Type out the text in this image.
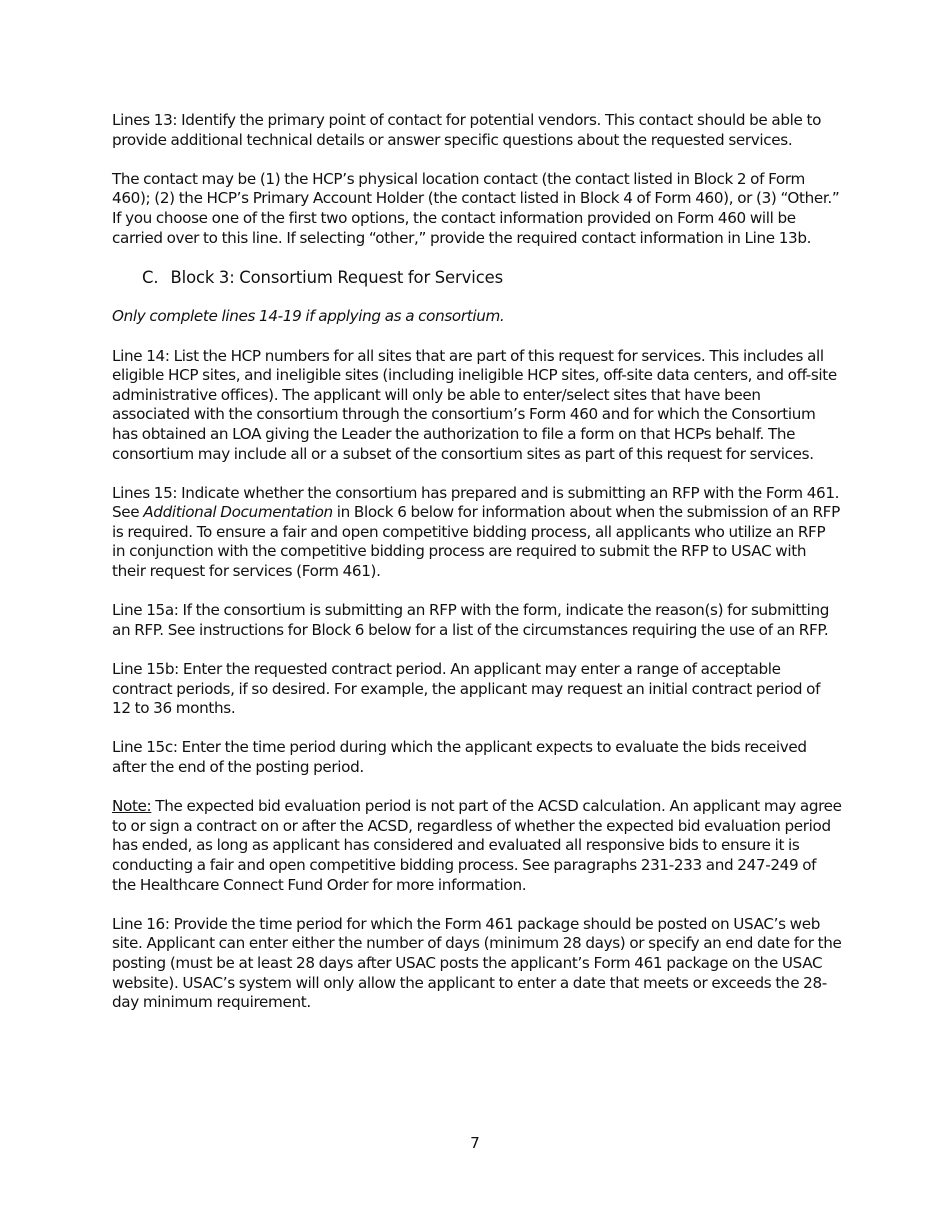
Lines 13: Identify the primary point of contact for potential vendors. This contact should be able to provide additional technical details or answer specific questions about the requested services.

The contact may be (1) the HCP’s physical location contact (the contact listed in Block 2 of Form 460); (2) the HCP’s Primary Account Holder (the contact listed in Block 4 of Form 460), or (3) “Other.” If you choose one of the first two options, the contact information provided on Form 460 will be carried over to this line. If selecting “other,” provide the required contact information in Line 13b.

C. Block 3: Consortium Request for Services

Only complete lines 14-19 if applying as a consortium.

Line 14: List the HCP numbers for all sites that are part of this request for services. This includes all eligible HCP sites, and ineligible sites (including ineligible HCP sites, off-site data centers, and off-site administrative offices). The applicant will only be able to enter/select sites that have been associated with the consortium through the consortium’s Form 460 and for which the Consortium has obtained an LOA giving the Leader the authorization to file a form on that HCPs behalf. The consortium may include all or a subset of the consortium sites as part of this request for services.

Lines 15: Indicate whether the consortium has prepared and is submitting an RFP with the Form 461. See Additional Documentation in Block 6 below for information about when the submission of an RFP is required. To ensure a fair and open competitive bidding process, all applicants who utilize an RFP in conjunction with the competitive bidding process are required to submit the RFP to USAC with their request for services (Form 461).

Line 15a: If the consortium is submitting an RFP with the form, indicate the reason(s) for submitting an RFP. See instructions for Block 6 below for a list of the circumstances requiring the use of an RFP.

Line 15b: Enter the requested contract period. An applicant may enter a range of acceptable contract periods, if so desired. For example, the applicant may request an initial contract period of 12 to 36 months.

Line 15c: Enter the time period during which the applicant expects to evaluate the bids received after the end of the posting period.

Note: The expected bid evaluation period is not part of the ACSD calculation. An applicant may agree to or sign a contract on or after the ACSD, regardless of whether the expected bid evaluation period has ended, as long as applicant has considered and evaluated all responsive bids to ensure it is conducting a fair and open competitive bidding process. See paragraphs 231-233 and 247-249 of the Healthcare Connect Fund Order for more information.

Line 16: Provide the time period for which the Form 461 package should be posted on USAC’s web site. Applicant can enter either the number of days (minimum 28 days) or specify an end date for the posting (must be at least 28 days after USAC posts the applicant’s Form 461 package on the USAC website). USAC’s system will only allow the applicant to enter a date that meets or exceeds the 28-day minimum requirement.

7
